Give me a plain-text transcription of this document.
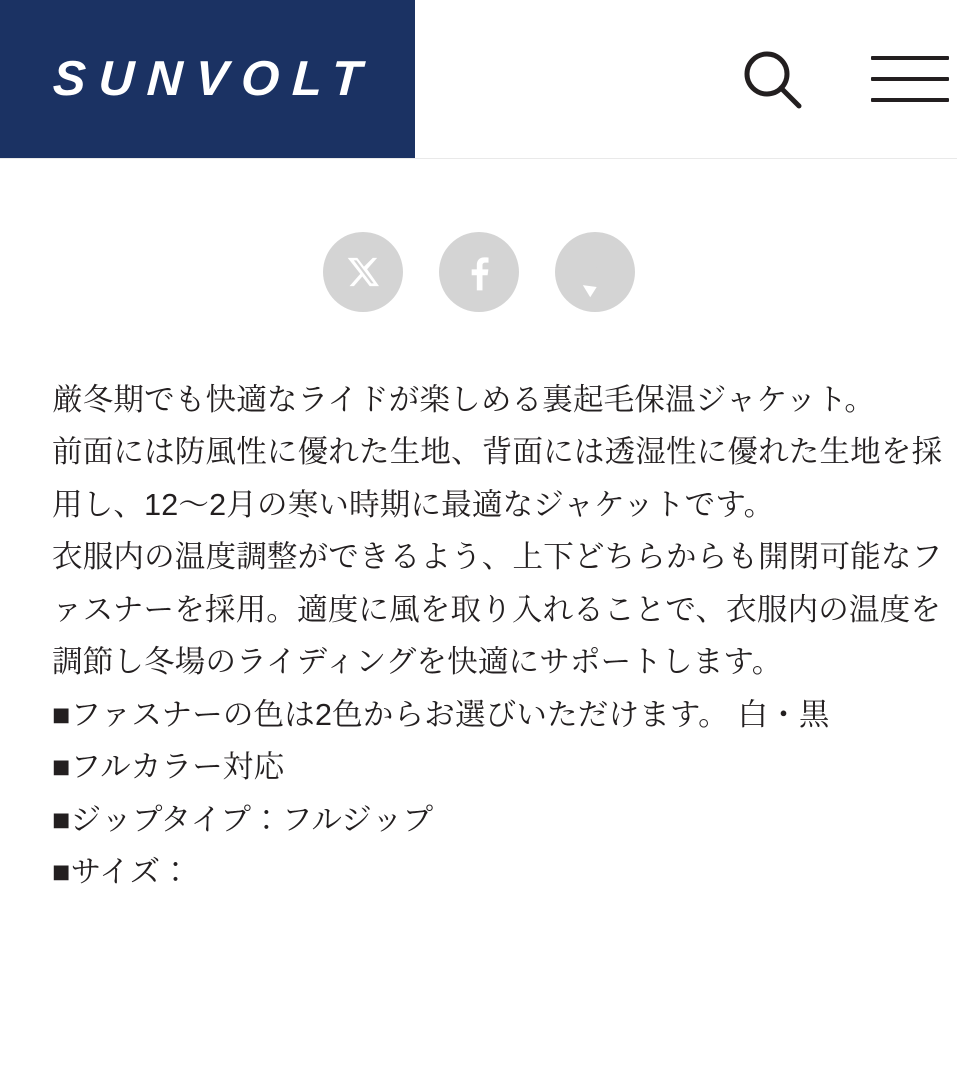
SUNVOLT
LINE

厳冬期でも快適なライドが楽しめる裏起毛保温ジャケット。

前面には防風性に優れた生地、背面には透湿性に優れた生地を採用し、12〜2月の寒い時期に最適なジャケットです。

衣服内の温度調整ができるよう、上下どちらからも開閉可能なファスナーを採用。適度に風を取り入れることで、衣服内の温度を調節し冬場のライディングを快適にサポートします。

■ファスナーの色は2色からお選びいただけます。 白・黒

■フルカラー対応

■ジップタイプ：フルジップ

■サイズ：
